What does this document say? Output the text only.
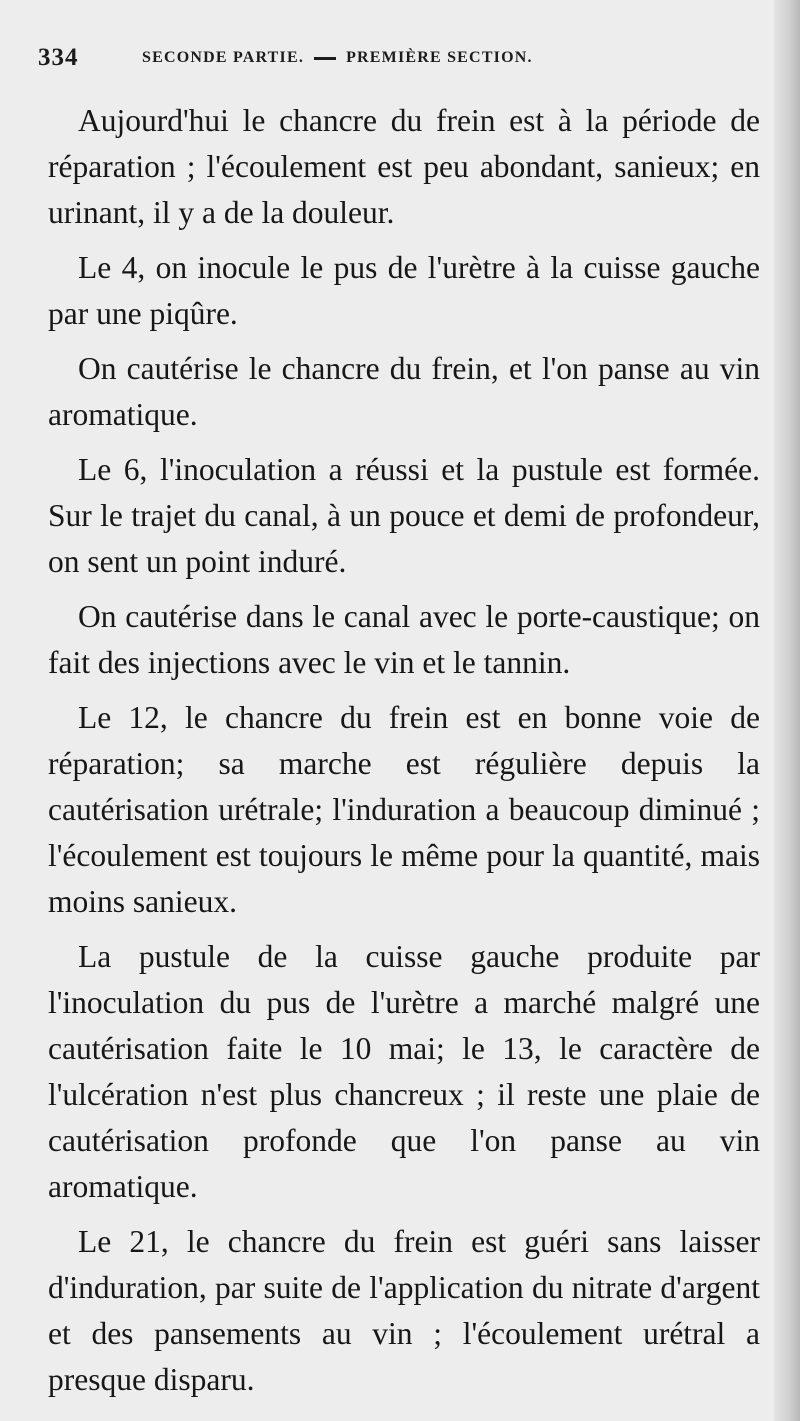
334	SECONDE PARTIE.	PREMIÈRE SECTION.

Aujourd'hui le chancre du frein est à la période de réparation ; l'écoulement est peu abondant, sanieux; en urinant, il y a de la douleur.

Le 4, on inocule le pus de l'urètre à la cuisse gauche par une piqûre.

On cautérise le chancre du frein, et l'on panse au vin aromatique.

Le 6, l'inoculation a réussi et la pustule est formée. Sur le trajet du canal, à un pouce et demi de profondeur, on sent un point induré.

On cautérise dans le canal avec le porte-caustique; on fait des injections avec le vin et le tannin.

Le 12, le chancre du frein est en bonne voie de réparation; sa marche est régulière depuis la cautérisation urétrale; l'induration a beaucoup diminué ; l'écoulement est toujours le même pour la quantité, mais moins sanieux.

La pustule de la cuisse gauche produite par l'inoculation du pus de l'urètre a marché malgré une cautérisation faite le 10 mai; le 13, le caractère de l'ulcération n'est plus chancreux ; il reste une plaie de cautérisation profonde que l'on panse au vin aromatique.

Le 21, le chancre du frein est guéri sans laisser d'induration, par suite de l'application du nitrate d'argent et des pansements au vin ; l'écoulement urétral a presque disparu.
